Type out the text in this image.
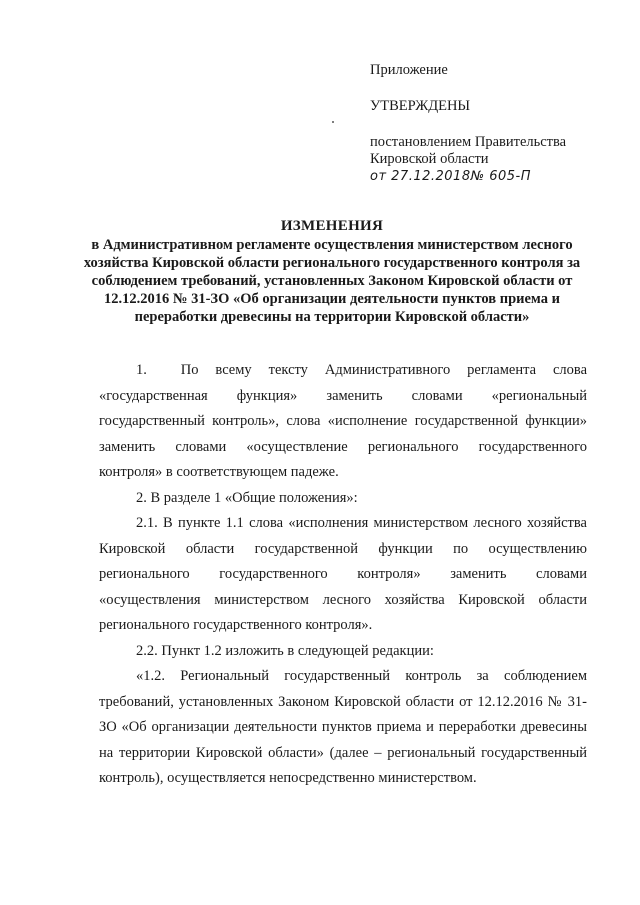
Приложение

УТВЕРЖДЕНЫ

постановлением Правительства

Кировской области

от 27.12.2018№ 605-П

ИЗМЕНЕНИЯ
в Административном регламенте осуществления министерством лесного хозяйства Кировской области регионального государственного контроля за соблюдением требований, установленных Законом Кировской области от 12.12.2016 № 31-ЗО «Об организации деятельности пунктов приема и переработки древесины на территории Кировской области»

1.  По всему тексту Административного регламента слова «государственная функция» заменить словами «региональный государственный контроль», слова «исполнение государственной функции» заменить словами «осуществление регионального государственного контроля» в соответствующем падеже.

2. В разделе 1 «Общие положения»:

2.1. В пункте 1.1 слова «исполнения министерством лесного хозяйства Кировской области государственной функции по осуществлению регионального государственного контроля» заменить словами «осуществления министерством лесного хозяйства Кировской области регионального государственного контроля».

2.2. Пункт 1.2 изложить в следующей редакции:

«1.2. Региональный государственный контроль за соблюдением требований, установленных Законом Кировской области от 12.12.2016 № 31-ЗО «Об организации деятельности пунктов приема и переработки древесины на территории Кировской области» (далее – региональный государственный контроль), осуществляется непосредственно министерством.
